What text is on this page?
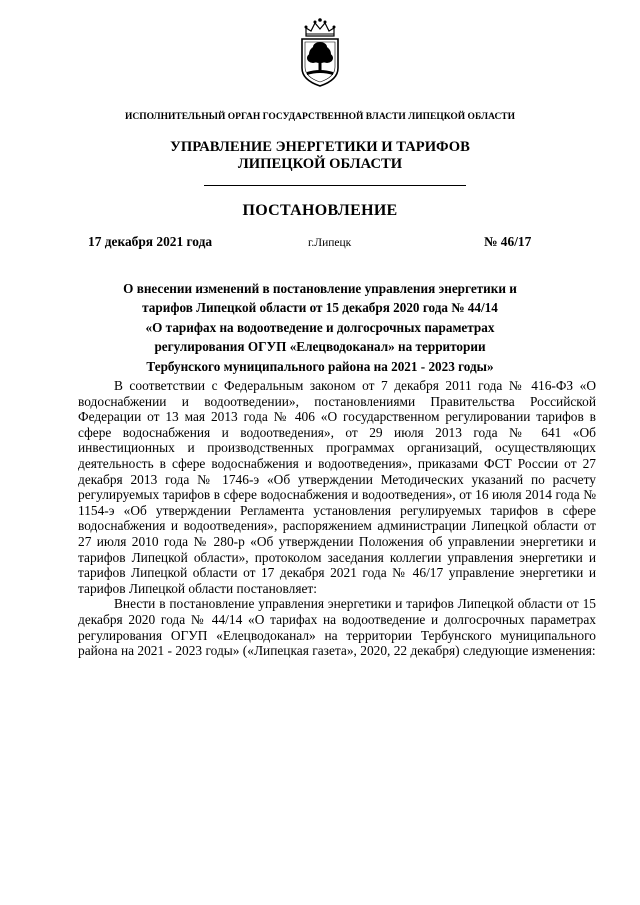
ИСПОЛНИТЕЛЬНЫЙ ОРГАН ГОСУДАРСТВЕННОЙ ВЛАСТИ ЛИПЕЦКОЙ ОБЛАСТИ
УПРАВЛЕНИЕ ЭНЕРГЕТИКИ И ТАРИФОВ
ЛИПЕЦКОЙ ОБЛАСТИ
ПОСТАНОВЛЕНИЕ
17 декабря 2021 года	г.Липецк	№ 46/17
О внесении изменений в постановление управления энергетики и
тарифов Липецкой области от 15 декабря 2020 года № 44/14
«О тарифах на водоотведение и долгосрочных параметрах
регулирования ОГУП «Елецводоканал» на территории
Тербунского муниципального района на 2021 - 2023 годы»

В соответствии с Федеральным законом от 7 декабря 2011 года № 416-ФЗ «О водоснабжении и водоотведении», постановлениями Правительства Российской Федерации от 13 мая 2013 года № 406 «О государственном регулировании тарифов в сфере водоснабжения и водоотведения», от 29 июля 2013 года № 641 «Об инвестиционных и производственных программах организаций, осуществляющих деятельность в сфере водоснабжения и водоотведения», приказами ФСТ России от 27 декабря 2013 года № 1746-э «Об утверждении Методических указаний по расчету регулируемых тарифов в сфере водоснабжения и водоотведения», от 16 июля 2014 года № 1154-э «Об утверждении Регламента установления регулируемых тарифов в сфере водоснабжения и водоотведения», распоряжением администрации Липецкой области от 27 июля 2010 года № 280-р «Об утверждении Положения об управлении энергетики и тарифов Липецкой области», протоколом заседания коллегии управления энергетики и тарифов Липецкой области от 17 декабря 2021 года № 46/17 управление энергетики и тарифов Липецкой области постановляет:

Внести в постановление управления энергетики и тарифов Липецкой области от 15 декабря 2020 года № 44/14 «О тарифах на водоотведение и долгосрочных параметрах регулирования ОГУП «Елецводоканал» на территории Тербунского муниципального района на 2021 - 2023 годы» («Липецкая газета», 2020, 22 декабря) следующие изменения:
